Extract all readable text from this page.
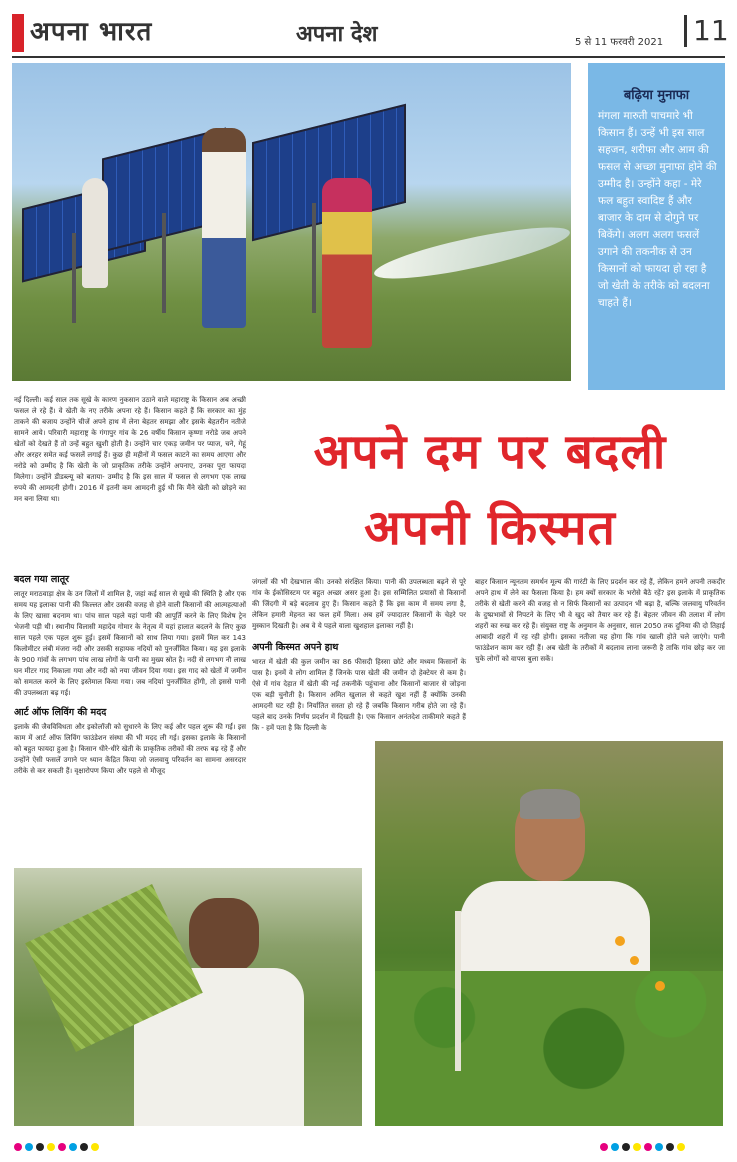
अपना भारत	अपना देश	5 से 11 फरवरी 2021 11
बढ़िया मुनाफा
मंगला मारुती पाचमारे भी किसान हैं। उन्हें भी इस साल सहजन, शरीफा और आम की फसल से अच्छा मुनाफा होने की उम्मीद है। उन्होंने कहा - मेरे फल बहुत स्वादिष्ट हैं और बाजार के दाम से दोगुने पर बिकेंगे। अलग अलग फसलें उगाने की तकनीक से उन किसानों को फायदा हो रहा है जो खेती के तरीके को बदलना चाहते हैं।
नई दिल्ली। कई साल तक सूखे के कारण नुकसान उठाने वाले महाराष्ट्र के किसान अब अच्छी फसल ले रहे हैं। वे खेती के नए तरीके अपना रहे हैं। किसान कहते हैं कि सरकार का मुंह ताकने की बजाय उन्होंने चीजें अपने हाथ में लेना बेहतर समझा और इसके बेहतरीन नतीजे सामने आये। परिवारी महाराष्ट्र के गंगापुर गांव के 26 वर्षीय किसान कृष्णा नरोडे जब अपने खेतों को देखते हैं तो उन्हें बहुत खुशी होती है। उन्होंने चार एकड़ जमीन पर प्याज, चने, गेहूं और अरहर समेत कई फसलें लगाई हैं। कुछ ही महीनों में फसल काटने का समय आएगा और नरोडे को उम्मीद है कि खेती के जो प्राकृतिक तरीके उन्होंने अपनाए, उनका पूरा फायदा मिलेगा। उन्होंने डीडब्ल्यू को बताया- उम्मीद है कि इस साल में फसल से लगभग एक लाख रुपये की आमदनी होगी। 2016 में इतनी कम आमदनी हुई थी कि मैंने खेती को छोड़ने का मन बना लिया था।
अपने दम पर बदली
अपनी किस्मत
बदल गया लातूर
लातूर मराठवाड़ा क्षेत्र के उन जिलों में शामिल है, जहां कई साल से सूखे की स्थिति है और एक समय यह इलाका पानी की किल्लत और उसकी वजह से होने वाली किसानों की आत्महत्याओं के लिए खासा बदनाम था। पांच साल पहले यहां पानी की आपूर्ति करने के लिए विशेष ट्रेन भेजनी पड़ी थी। स्थानीय विलासी महादेव गोमार के नेतृत्व में यहां हालात बदलने के लिए कुछ साल पहले एक पहल शुरू हुई। इसमें किसानों को साथ लिया गया। इसमें मिल कर 143 किलोमीटर लंबी मंजरा नदी और उसकी सहायक नदियों को पुनर्जीवित किया। यह इस इलाके के 900 गांवों के लगभग पांच लाख लोगों के पानी का मुख्य स्रोत है। नदी से लगभग नौ लाख घन मीटर गाद निकाला गया और नदी को नया जीवन दिया गया। इस गाद को खेतों में जमीन को समतल करने के लिए इस्तेमाल किया गया। जब नदियां पुनर्जीवित होंगी, तो इससे पानी की उपलब्धता बढ़ गई।
आर्ट ऑफ लिविंग की मदद
इलाके की जैवविविधता और इकोलॉजी को सुधारने के लिए कई और पहल शुरू की गईं। इस काम में आर्ट ऑफ लिविंग फाउंडेशन संस्था की भी मदद ली गई। इसका इलाके के किसानों को बहुत फायदा हुआ है। किसान धीरे-धीरे खेती के प्राकृतिक तरीकों की तरफ बढ़ रहे हैं और उन्होंने ऐसी फसलें उगाने पर ध्यान केंद्रित किया जो जलवायु परिवर्तन का सामना असरदार तरीके से कर सकती हैं। वृक्षारोपण किया और पहले से मौजूद
जंगलों की भी देखभाल की। उनको संरक्षित किया। पानी की उपलब्धता बढ़ने से पूरे गांव के ईकोसिस्टम पर बहुत अच्छा असर हुआ है। इस सम्मिलित प्रयासों से किसानों की जिंदगी में बड़े बदलाव हुए हैं। किसान कहते हैं कि इस काम में समय लगा है, लेकिन हमारी मेहनत का फल हमें मिला। अब हमें ज्यादातर किसानों के चेहरे पर मुस्कान दिखती है। अब वे ये पहले वाला खुशहाल इलाका नहीं है।
अपनी किस्मत अपने हाथ
भारत में खेती की कुल जमीन का 86 फीसदी हिस्सा छोटे और मध्यम किसानों के पास है। इनमें वे लोग शामिल हैं जिनके पास खेती की जमीन दो हेक्टेयर से कम है। ऐसे में गांव देहात में खेती की नई तकनीकें पहुंचाना और किसानों बाजार से जोड़ना एक बड़ी चुनौती है। किसान अमित खुलाल से कहते खुश नहीं हैं क्योंकि उनकी आमदनी घट रही है। निर्यातित सस्ता हो रहे हैं जबकि किसान गरीब होते जा रहे हैं। पहले बाद उनके निर्णय प्रदर्शन में दिखती है। एक किसान अनंतदेश ताकीमारे कहते हैं कि - हमें पता है कि दिल्ली के
बाहर किसान न्यूनतम समर्थन मूल्य की गारंटी के लिए प्रदर्शन कर रहे हैं, लेकिन हमने अपनी तकदीर अपने हाथ में लेने का फैसला किया है। हम क्यों सरकार के भरोसे बैठे रहें? इस इलाके में प्राकृतिक तरीके से खेती करने की वजह से न सिर्फ किसानों का उत्पादन भी बढ़ा है, बल्कि जलवायु परिवर्तन के दुष्प्रभावों से निपटने के लिए भी वे खुद को तैयार कर रहे हैं। बेहतर जीवन की तलाश में लोग शहरों का रुख कर रहे हैं। संयुक्त राष्ट्र के अनुमान के अनुसार, साल 2050 तक दुनिया की दो तिहाई आबादी शहरों में रह रही होगी। इसका नतीजा यह होगा कि गांव खाली होते चले जाएंगे। पानी फाउंडेशन काम कर रही हैं। अब खेती के तरीकों में बदलाव लाना जरूरी है ताकि गांव छोड़ कर जा चुके लोगों को वापस बुला सकें।
